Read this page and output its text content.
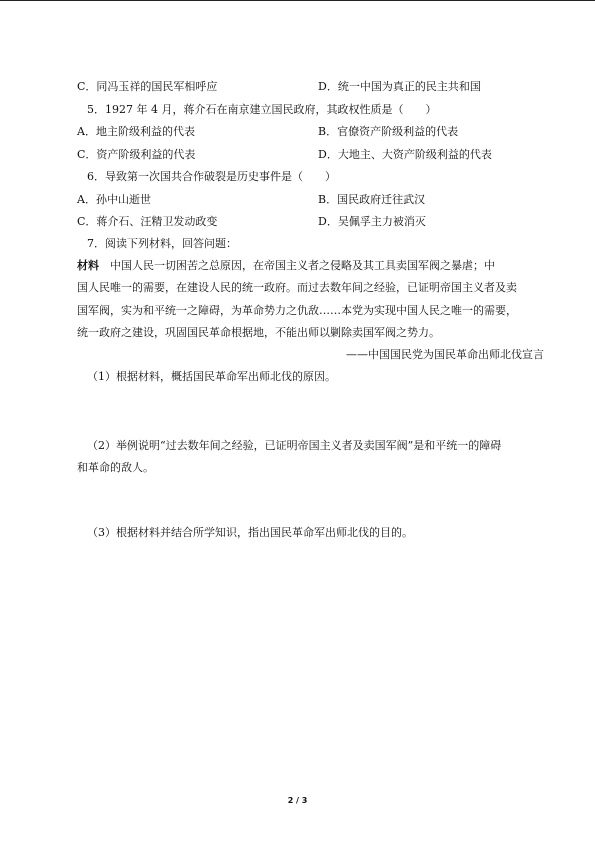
C．同冯玉祥的国民军相呼应	D．统一中国为真正的民主共和国
5．1927 年 4 月，蒋介石在南京建立国民政府，其政权性质是（　　）
A．地主阶级利益的代表	B．官僚资产阶级利益的代表
C．资产阶级利益的代表	D．大地主、大资产阶级利益的代表
6．导致第一次国共合作破裂是历史事件是（　　）
A．孙中山逝世	B．国民政府迁往武汉
C．蒋介石、汪精卫发动政变	D．吴佩孚主力被消灭
7．阅读下列材料，回答问题：
材料　中国人民一切困苦之总原因，在帝国主义者之侵略及其工具卖国军阀之暴虐；中
国人民唯一的需要，在建设人民的统一政府。而过去数年间之经验，已证明帝国主义者及卖
国军阀，实为和平统一之障碍，为革命势力之仇敌……本党为实现中国人民之唯一的需要，
统一政府之建设，巩固国民革命根据地，不能出师以剿除卖国军阀之势力。
——中国国民党为国民革命出师北伐宣言
（1）根据材料，概括国民革命军出师北伐的原因。
（2）举例说明“过去数年间之经验，已证明帝国主义者及卖国军阀”是和平统一的障碍
和革命的敌人。
（3）根据材料并结合所学知识，指出国民革命军出师北伐的目的。
2 / 3
